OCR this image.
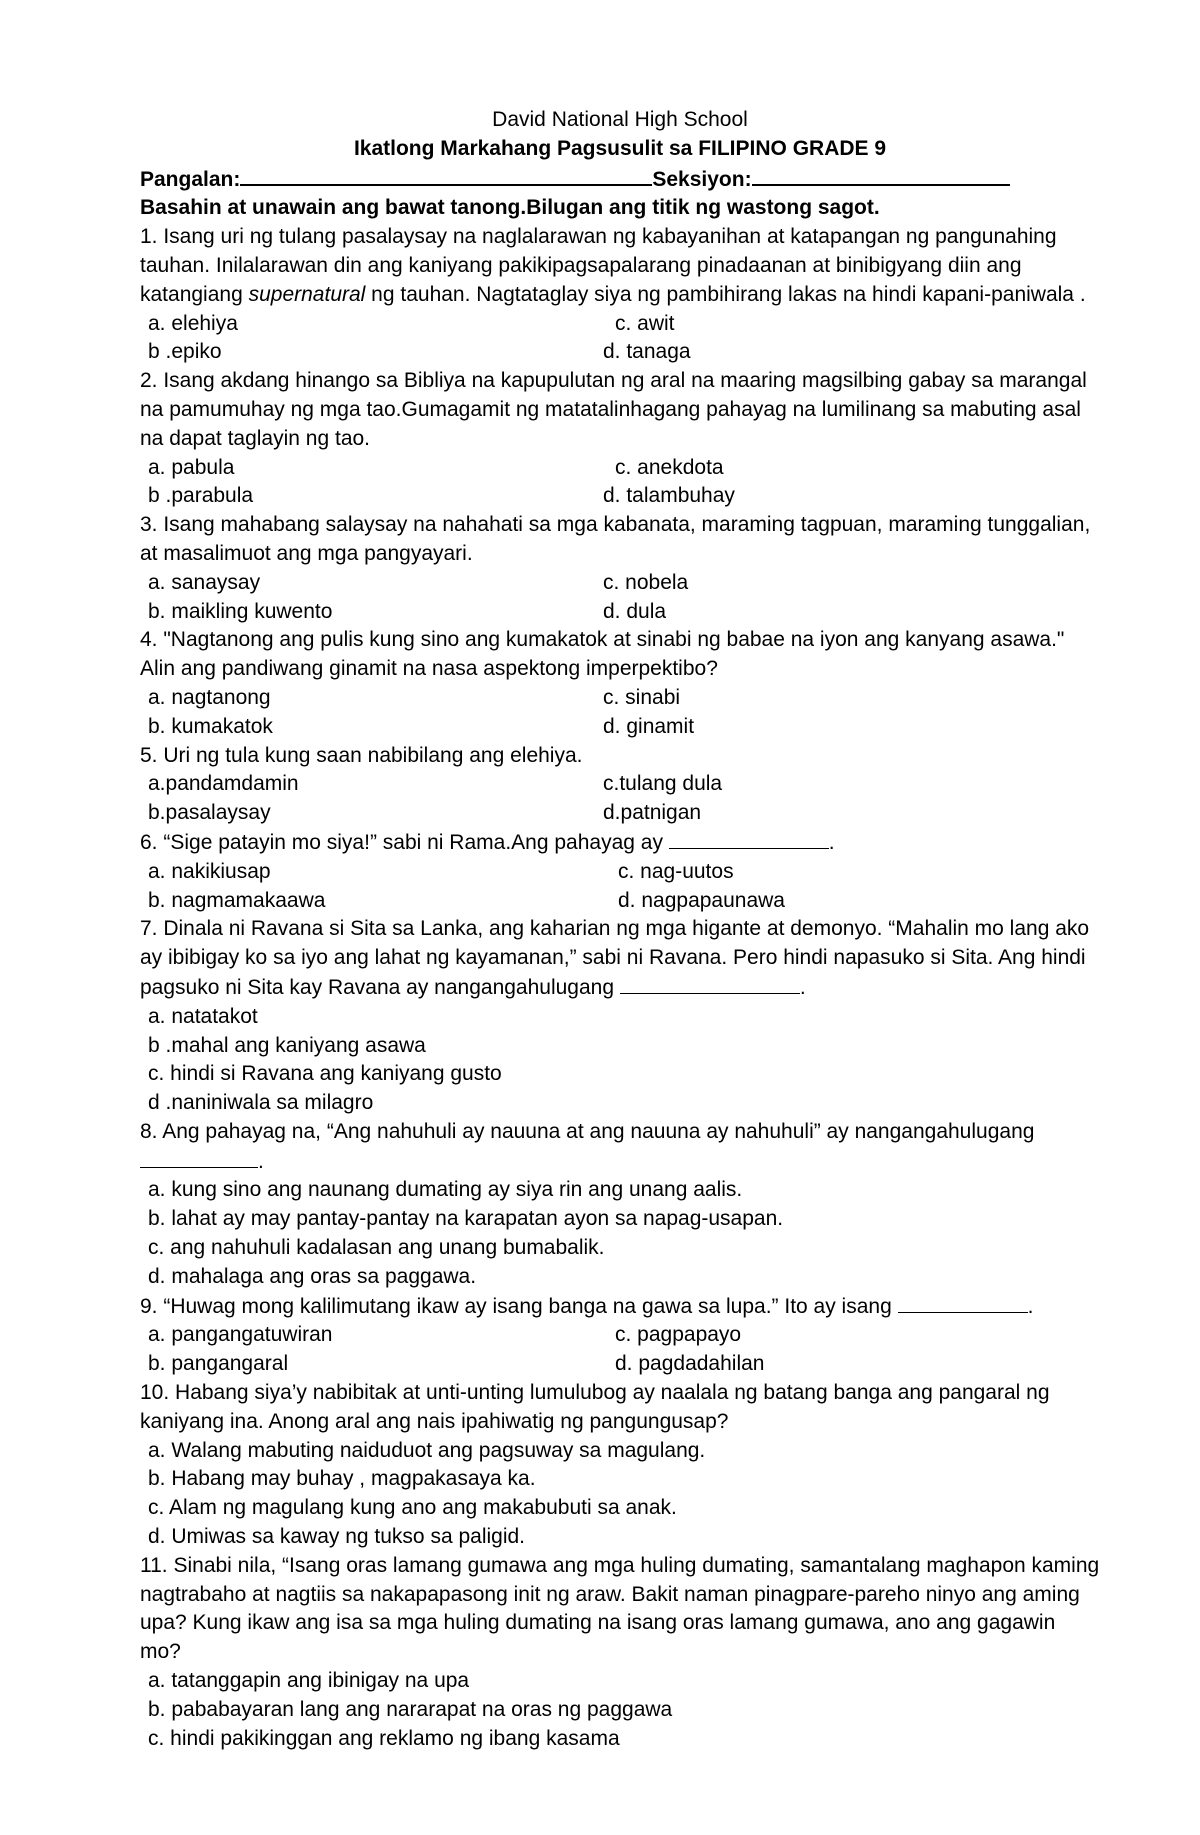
David National High School
Ikatlong Markahang Pagsusulit sa FILIPINO GRADE 9
Pangalan:	Seksiyon:
Basahin at unawain ang bawat tanong.Bilugan ang titik ng wastong sagot.
1. Isang uri ng tulang pasalaysay na naglalarawan ng kabayanihan at katapangan ng pangunahing tauhan. Inilalarawan din ang kaniyang pakikipagsapalarang pinadaanan at binibigyang diin ang katangiang supernatural ng tauhan. Nagtataglay siya ng pambihirang lakas na hindi kapani-paniwala .
a. elehiya	c. awit
b .epiko	d. tanaga
2. Isang akdang hinango sa Bibliya na kapupulutan ng aral na maaring magsilbing gabay sa marangal na pamumuhay ng mga tao.Gumagamit ng matatalinhagang pahayag na lumilinang sa mabuting asal na dapat taglayin ng tao.
a. pabula	c. anekdota
b .parabula	d. talambuhay
3. Isang mahabang salaysay na nahahati sa mga kabanata, maraming tagpuan, maraming tunggalian, at masalimuot ang mga pangyayari.
a. sanaysay	c. nobela
b. maikling kuwento	d. dula
4. "Nagtanong ang pulis kung sino ang kumakatok at sinabi ng babae na iyon ang kanyang asawa." Alin ang pandiwang ginamit na nasa aspektong imperpektibo?
a. nagtanong	c. sinabi
b. kumakatok	d. ginamit
5. Uri ng tula kung saan nabibilang ang elehiya.
a.pandamdamin	c.tulang dula
b.pasalaysay	d.patnigan
6. “Sige patayin mo siya!” sabi ni Rama.Ang pahayag ay	.
a. nakikiusap	c. nag-uutos
b. nagmamakaawa	d. nagpapaunawa
7. Dinala ni Ravana si Sita sa Lanka, ang kaharian ng mga higante at demonyo. “Mahalin mo lang ako ay ibibigay ko sa iyo ang lahat ng kayamanan,” sabi ni Ravana. Pero hindi napasuko si Sita. Ang hindi pagsuko ni Sita kay Ravana ay nangangahulugang	.
a. natatakot
b .mahal ang kaniyang asawa
c. hindi si Ravana ang kaniyang gusto
d .naniniwala sa milagro
8. Ang pahayag na, “Ang nahuhuli ay nauuna at ang nauuna ay nahuhuli” ay nangangahulugang
.
a. kung sino ang naunang dumating ay siya rin ang unang aalis.
b. lahat ay may pantay-pantay na karapatan ayon sa napag-usapan.
c. ang nahuhuli kadalasan ang unang bumabalik.
d. mahalaga ang oras sa paggawa.
9. “Huwag mong kalilimutang ikaw ay isang banga na gawa sa lupa.” Ito ay isang	.
a. pangangatuwiran	c. pagpapayo
b. pangangaral	d. pagdadahilan
10. Habang siya’y nabibitak at unti-unting lumulubog ay naalala ng batang banga ang pangaral ng kaniyang ina. Anong aral ang nais ipahiwatig ng pangungusap?
a. Walang mabuting naiduduot ang pagsuway sa magulang.
b. Habang may buhay , magpakasaya ka.
c. Alam ng magulang kung ano ang makabubuti sa anak.
d. Umiwas sa kaway ng tukso sa paligid.
11. Sinabi nila, “Isang oras lamang gumawa ang mga huling dumating, samantalang maghapon kaming nagtrabaho at nagtiis sa nakapapasong init ng araw. Bakit naman pinagpare-pareho ninyo ang aming upa? Kung ikaw ang isa sa mga huling dumating na isang oras lamang gumawa, ano ang gagawin mo?
a. tatanggapin ang ibinigay na upa
b. pababayaran lang ang nararapat na oras ng paggawa
c. hindi pakikinggan ang reklamo ng ibang kasama
